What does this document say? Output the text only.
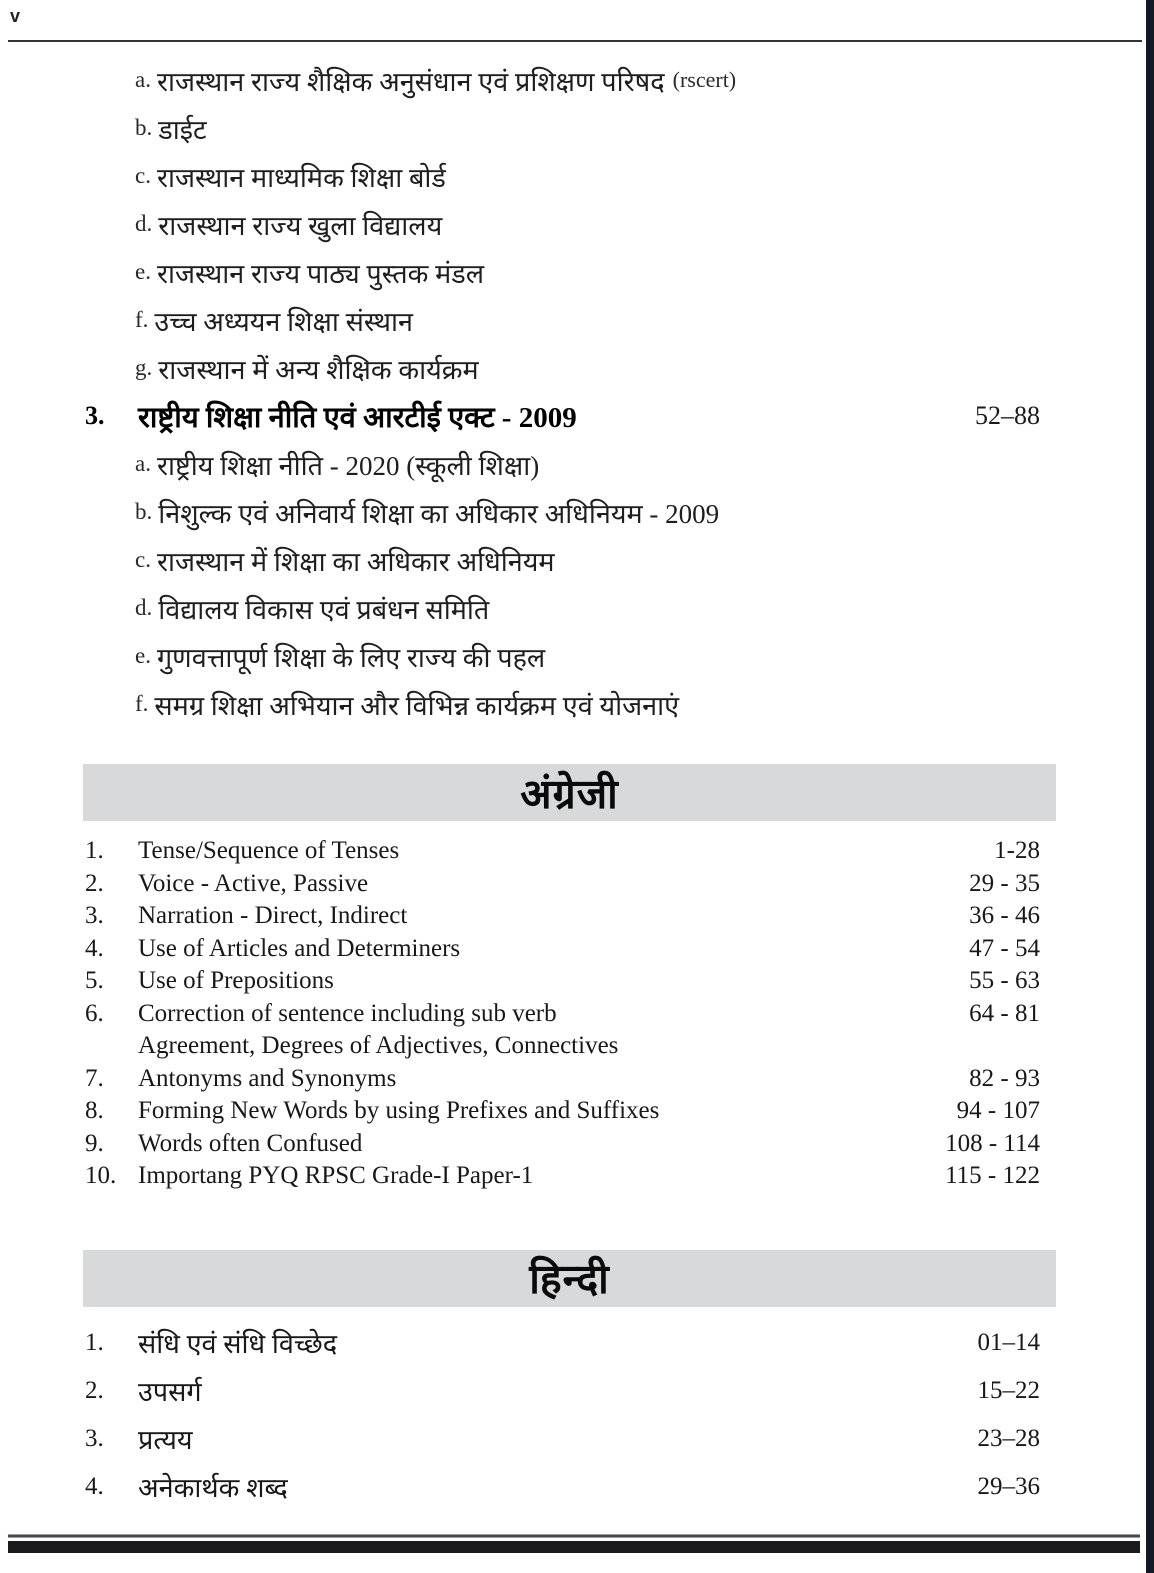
v
a. राजस्थान राज्य शैक्षिक अनुसंधान एवं प्रशिक्षण परिषद (rscert)
b. डाईट
c. राजस्थान माध्यमिक शिक्षा बोर्ड
d. राजस्थान राज्य खुला विद्यालय
e. राजस्थान राज्य पाठ्य पुस्तक मंडल
f. उच्च अध्ययन शिक्षा संस्थान
g. राजस्थान में अन्य शैक्षिक कार्यक्रम
3.	राष्ट्रीय शिक्षा नीति एवं आरटीई एक्ट - 2009	52–88
a. राष्ट्रीय शिक्षा नीति - 2020 (स्कूली शिक्षा)
b. निशुल्क एवं अनिवार्य शिक्षा का अधिकार अधिनियम - 2009
c. राजस्थान में शिक्षा का अधिकार अधिनियम
d. विद्यालय विकास एवं प्रबंधन समिति
e. गुणवत्तापूर्ण शिक्षा के लिए राज्य की पहल
f. समग्र शिक्षा अभियान और विभिन्न कार्यक्रम एवं योजनाएं
अंग्रेजी
1.	Tense/Sequence of Tenses	1-28
2.	Voice - Active, Passive	29 - 35
3.	Narration - Direct, Indirect	36 - 46
4.	Use of Articles and Determiners	47 - 54
5.	Use of Prepositions	55 - 63
6.	Correction of sentence including sub verb	64 - 81
Agreement, Degrees of Adjectives, Connectives
7.	Antonyms and Synonyms	82 - 93
8.	Forming New Words by using Prefixes and Suffixes	94 - 107
9.	Words often Confused	108 - 114
10. Importang PYQ RPSC Grade-I Paper-1	115 - 122
हिन्दी
1.	संधि एवं संधि विच्छेद	01–14
2.	उपसर्ग	15–22
3.	प्रत्यय	23–28
4.	अनेकार्थक शब्द	29–36
